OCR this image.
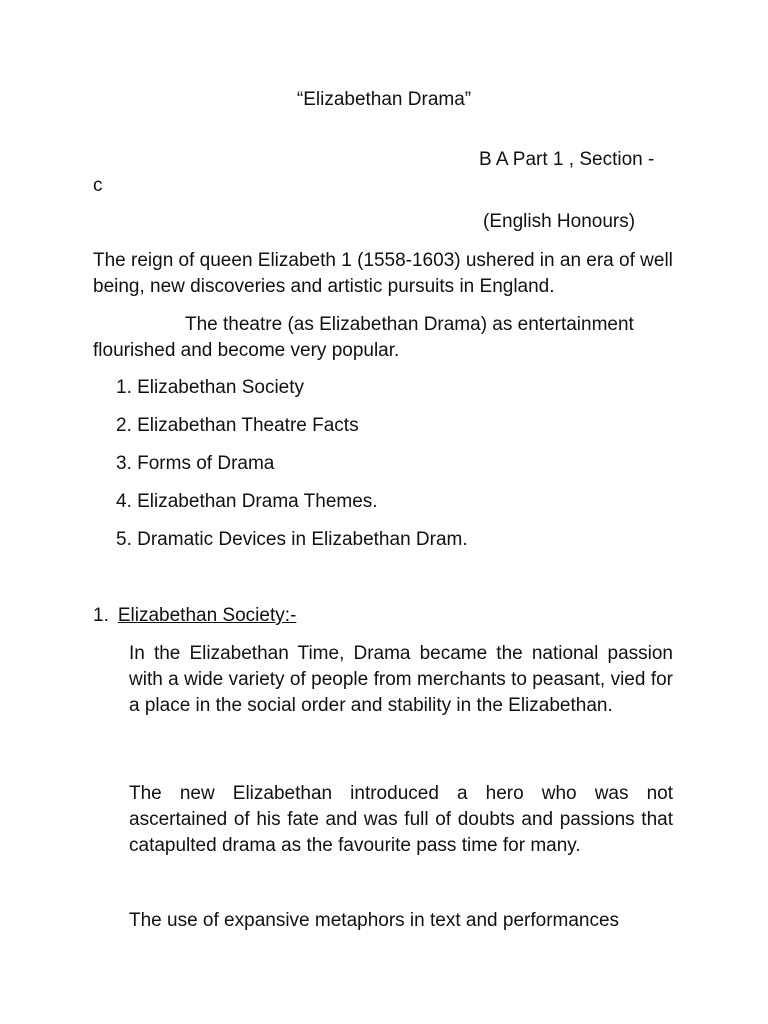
“Elizabethan Drama”
B A Part 1 , Section -
c
(English Honours)
The reign of queen Elizabeth 1 (1558-1603) ushered in an era of well being, new discoveries and artistic pursuits in England.
The theatre (as Elizabethan Drama) as entertainment flourished and become very popular.
1. Elizabethan Society
2. Elizabethan Theatre Facts
3. Forms of Drama
4. Elizabethan Drama Themes.
5. Dramatic Devices in Elizabethan Dram.
1. Elizabethan Society:-
In the Elizabethan Time, Drama became the national passion with a wide variety of people from merchants to peasant, vied for a place in the social order and stability in the Elizabethan.
The new Elizabethan introduced a hero who was not ascertained of his fate and was full of doubts and passions that catapulted drama as the favourite pass time for many.
The use of expansive metaphors in text and performances
